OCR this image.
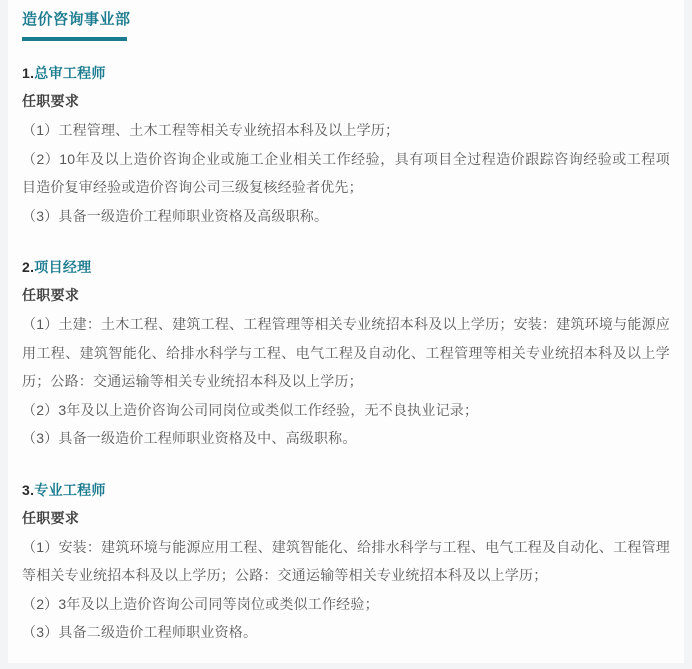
造价咨询事业部
1.总审工程师
任职要求

（1）工程管理、土木工程等相关专业统招本科及以上学历；

（2）10年及以上造价咨询企业或施工企业相关工作经验，具有项目全过程造价跟踪咨询经验或工程项目造价复审经验或造价咨询公司三级复核经验者优先；

（3）具备一级造价工程师职业资格及高级职称。

2.项目经理
任职要求

（1）土建：土木工程、建筑工程、工程管理等相关专业统招本科及以上学历；安装：建筑环境与能源应用工程、建筑智能化、给排水科学与工程、电气工程及自动化、工程管理等相关专业统招本科及以上学历；公路：交通运输等相关专业统招本科及以上学历；

（2）3年及以上造价咨询公司同岗位或类似工作经验，无不良执业记录；

（3）具备一级造价工程师职业资格及中、高级职称。

3.专业工程师
任职要求

（1）安装：建筑环境与能源应用工程、建筑智能化、给排水科学与工程、电气工程及自动化、工程管理等相关专业统招本科及以上学历；公路：交通运输等相关专业统招本科及以上学历；

（2）3年及以上造价咨询公司同等岗位或类似工作经验；

（3）具备二级造价工程师职业资格。
